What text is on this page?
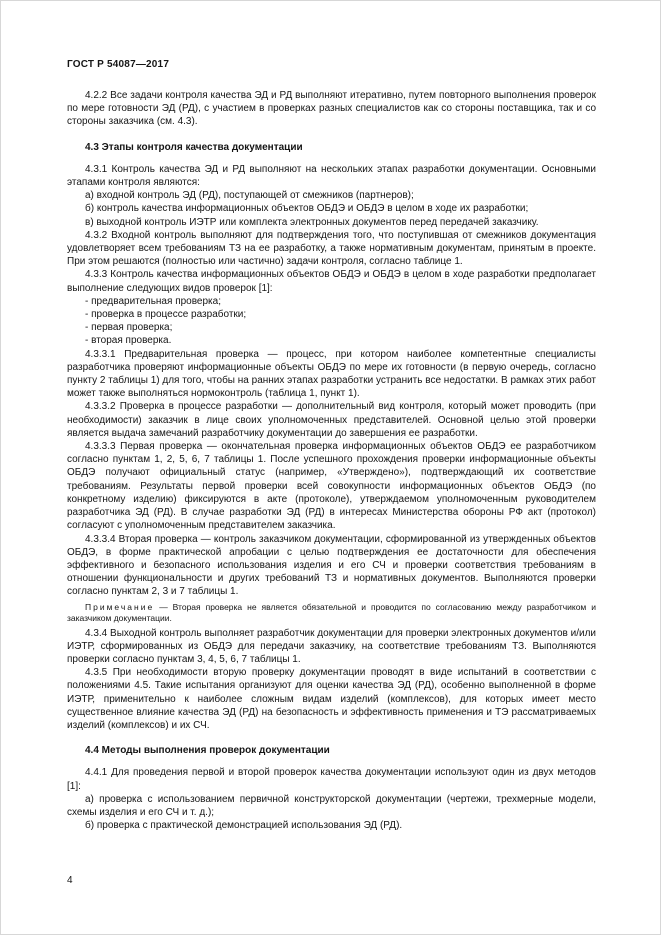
ГОСТ Р 54087—2017

4.2.2 Все задачи контроля качества ЭД и РД выполняют итеративно, путем повторного выполнения проверок по мере готовности ЭД (РД), с участием в проверках разных специалистов как со стороны поставщика, так и со стороны заказчика (см. 4.3).

4.3 Этапы контроля качества документации

4.3.1 Контроль качества ЭД и РД выполняют на нескольких этапах разработки документации. Основными этапами контроля являются:

а) входной контроль ЭД (РД), поступающей от смежников (партнеров);

б) контроль качества информационных объектов ОБДЭ и ОБДЭ в целом в ходе их разработки;

в) выходной контроль ИЭТР или комплекта электронных документов перед передачей заказчику.

4.3.2 Входной контроль выполняют для подтверждения того, что поступившая от смежников документация удовлетворяет всем требованиям ТЗ на ее разработку, а также нормативным документам, принятым в проекте. При этом решаются (полностью или частично) задачи контроля, согласно таблице 1.

4.3.3 Контроль качества информационных объектов ОБДЭ и ОБДЭ в целом в ходе разработки предполагает выполнение следующих видов проверок [1]:

- предварительная проверка;

- проверка в процессе разработки;

- первая проверка;

- вторая проверка.

4.3.3.1 Предварительная проверка — процесс, при котором наиболее компетентные специалисты разработчика проверяют информационные объекты ОБДЭ по мере их готовности (в первую очередь, согласно пункту 2 таблицы 1) для того, чтобы на ранних этапах разработки устранить все недостатки. В рамках этих работ может также выполняться нормоконтроль (таблица 1, пункт 1).

4.3.3.2 Проверка в процессе разработки — дополнительный вид контроля, который может проводить (при необходимости) заказчик в лице своих уполномоченных представителей. Основной целью этой проверки является выдача замечаний разработчику документации до завершения ее разработки.

4.3.3.3 Первая проверка — окончательная проверка информационных объектов ОБДЭ ее разработчиком согласно пунктам 1, 2, 5, 6, 7 таблицы 1. После успешного прохождения проверки информационные объекты ОБДЭ получают официальный статус (например, «Утверждено»), подтверждающий их соответствие требованиям. Результаты первой проверки всей совокупности информационных объектов ОБДЭ (по конкретному изделию) фиксируются в акте (протоколе), утверждаемом уполномоченным руководителем разработчика ЭД (РД). В случае разработки ЭД (РД) в интересах Министерства обороны РФ акт (протокол) согласуют с уполномоченным представителем заказчика.

4.3.3.4 Вторая проверка — контроль заказчиком документации, сформированной из утвержденных объектов ОБДЭ, в форме практической апробации с целью подтверждения ее достаточности для обеспечения эффективного и безопасного использования изделия и его СЧ и проверки соответствия требованиям в отношении функциональности и других требований ТЗ и нормативных документов. Выполняются проверки согласно пунктам 2, 3 и 7 таблицы 1.

Примечание — Вторая проверка не является обязательной и проводится по согласованию между разработчиком и заказчиком документации.

4.3.4 Выходной контроль выполняет разработчик документации для проверки электронных документов и/или ИЭТР, сформированных из ОБДЭ для передачи заказчику, на соответствие требованиям ТЗ. Выполняются проверки согласно пунктам 3, 4, 5, 6, 7 таблицы 1.

4.3.5 При необходимости вторую проверку документации проводят в виде испытаний в соответствии с положениями 4.5. Такие испытания организуют для оценки качества ЭД (РД), особенно выполненной в форме ИЭТР, применительно к наиболее сложным видам изделий (комплексов), для которых имеет место существенное влияние качества ЭД (РД) на безопасность и эффективность применения и ТЭ рассматриваемых изделий (комплексов) и их СЧ.

4.4 Методы выполнения проверок документации

4.4.1 Для проведения первой и второй проверок качества документации используют один из двух методов [1]:

а) проверка с использованием первичной конструкторской документации (чертежи, трехмерные модели, схемы изделия и его СЧ и т. д.);

б) проверка с практической демонстрацией использования ЭД (РД).

4
